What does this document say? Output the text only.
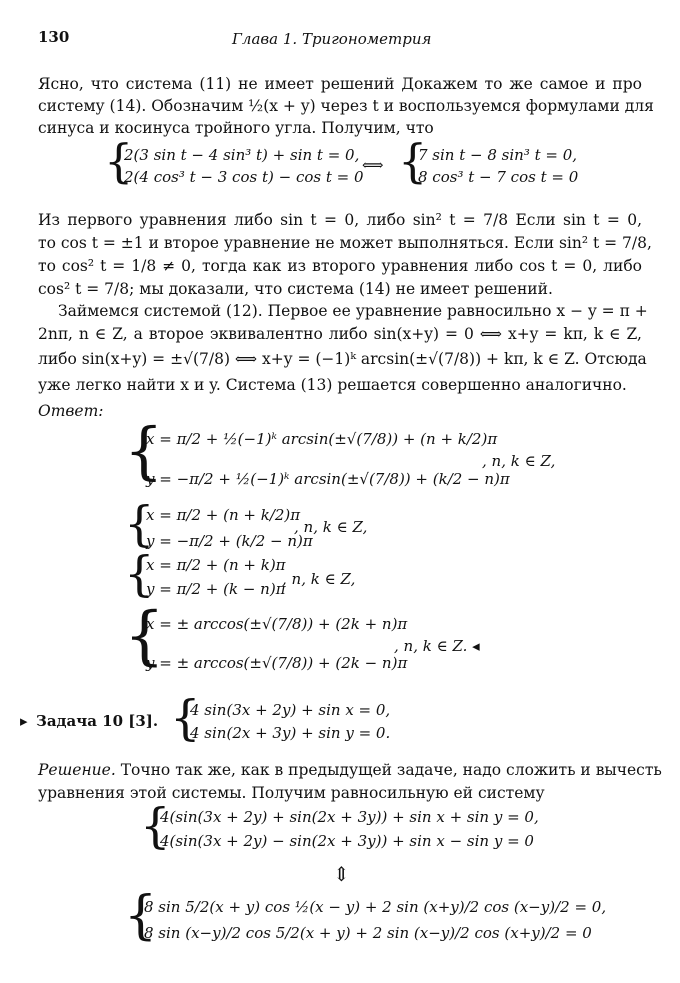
130	Глава 1. Тригонометрия
Ясно, что система (11) не имеет решений Докажем то же самое и про
систему (14). Обозначим ½(x + y) через t и воспользуемся формулами для
синуса и косинуса тройного угла. Получим, что
{
2(3 sin t − 4 sin³ t) + sin t = 0,
2(4 cos³ t − 3 cos t) − cos t = 0
⟺ {
7 sin t − 8 sin³ t = 0,
8 cos³ t − 7 cos t = 0
Из первого уравнения либо sin t = 0, либо sin² t = 7/8 Если sin t = 0,
то cos t = ±1 и второе уравнение не может выполняться. Если sin² t = 7/8,
то cos² t = 1/8 ≠ 0, тогда как из второго уравнения либо cos t = 0, либо
cos² t = 7/8; мы доказали, что система (14) не имеет решений.
Займемся системой (12). Первое ее уравнение равносильно x − y = π +
2nπ, n ∈ Z, а второе эквивалентно либо sin(x+y) = 0 ⟺ x+y = kπ, k ∈ Z,
либо sin(x+y) = ±√(7/8) ⟺ x+y = (−1)ᵏ arcsin(±√(7/8)) + kπ, k ∈ Z. Отсюда
уже легко найти x и y. Система (13) решается совершенно аналогично.
Ответ:
{
x = π/2 + ½(−1)ᵏ arcsin(±√(7/8)) + (n + k/2)π
y = −π/2 + ½(−1)ᵏ arcsin(±√(7/8)) + (k/2 − n)π
, n, k ∈ Z,
{
x = π/2 + (n + k/2)π
y = −π/2 + (k/2 − n)π
, n, k ∈ Z,
{
x = π/2 + (n + k)π
y = π/2 + (k − n)π
, n, k ∈ Z,
{
x = ± arccos(±√(7/8)) + (2k + n)π
y = ± arccos(±√(7/8)) + (2k − n)π
, n, k ∈ Z. ◂
▸ Задача 10 [3]. {
4 sin(3x + 2y) + sin x = 0,
4 sin(2x + 3y) + sin y = 0.
Решение. Точно так же, как в предыдущей задаче, надо сложить и вычесть
уравнения этой системы. Получим равносильную ей систему
{
4(sin(3x + 2y) + sin(2x + 3y)) + sin x + sin y = 0,
4(sin(3x + 2y) − sin(2x + 3y)) + sin x − sin y = 0
⇕
{
8 sin 5/2(x + y) cos ½(x − y) + 2 sin (x+y)/2 cos (x−y)/2 = 0,
8 sin (x−y)/2 cos 5/2(x + y) + 2 sin (x−y)/2 cos (x+y)/2 = 0
